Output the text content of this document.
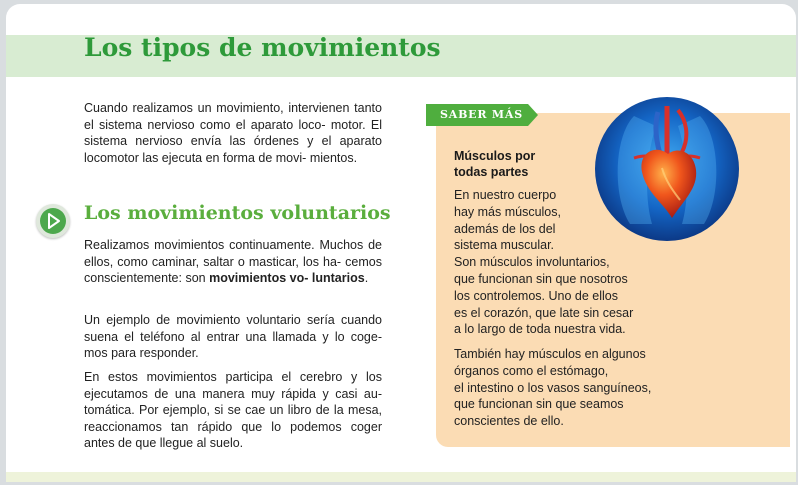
Los tipos de movimientos

Cuando realizamos un movimiento, intervienen tanto el sistema nervioso como el aparato loco- motor. El sistema nervioso envía las órdenes y el aparato locomotor las ejecuta en forma de movi- mientos.

Los movimientos voluntarios

Realizamos movimientos continuamente. Muchos de ellos, como caminar, saltar o masticar, los ha- cemos conscientemente: son movimientos vo- luntarios.

Un ejemplo de movimiento voluntario sería cuando suena el teléfono al entrar una llamada y lo coge- mos para responder.

En estos movimientos participa el cerebro y los ejecutamos de una manera muy rápida y casi au- tomática. Por ejemplo, si se cae un libro de la mesa, reaccionamos tan rápido que lo podemos coger antes de que llegue al suelo.

SABER MÁS

Músculos por
todas partes

En nuestro cuerpo
hay más músculos,
además de los del
sistema muscular.
Son músculos involuntarios,
que funcionan sin que nosotros
los controlemos. Uno de ellos
es el corazón, que late sin cesar
a lo largo de toda nuestra vida.

También hay músculos en algunos
órganos como el estómago,
el intestino o los vasos sanguíneos,
que funcionan sin que seamos
conscientes de ello.
